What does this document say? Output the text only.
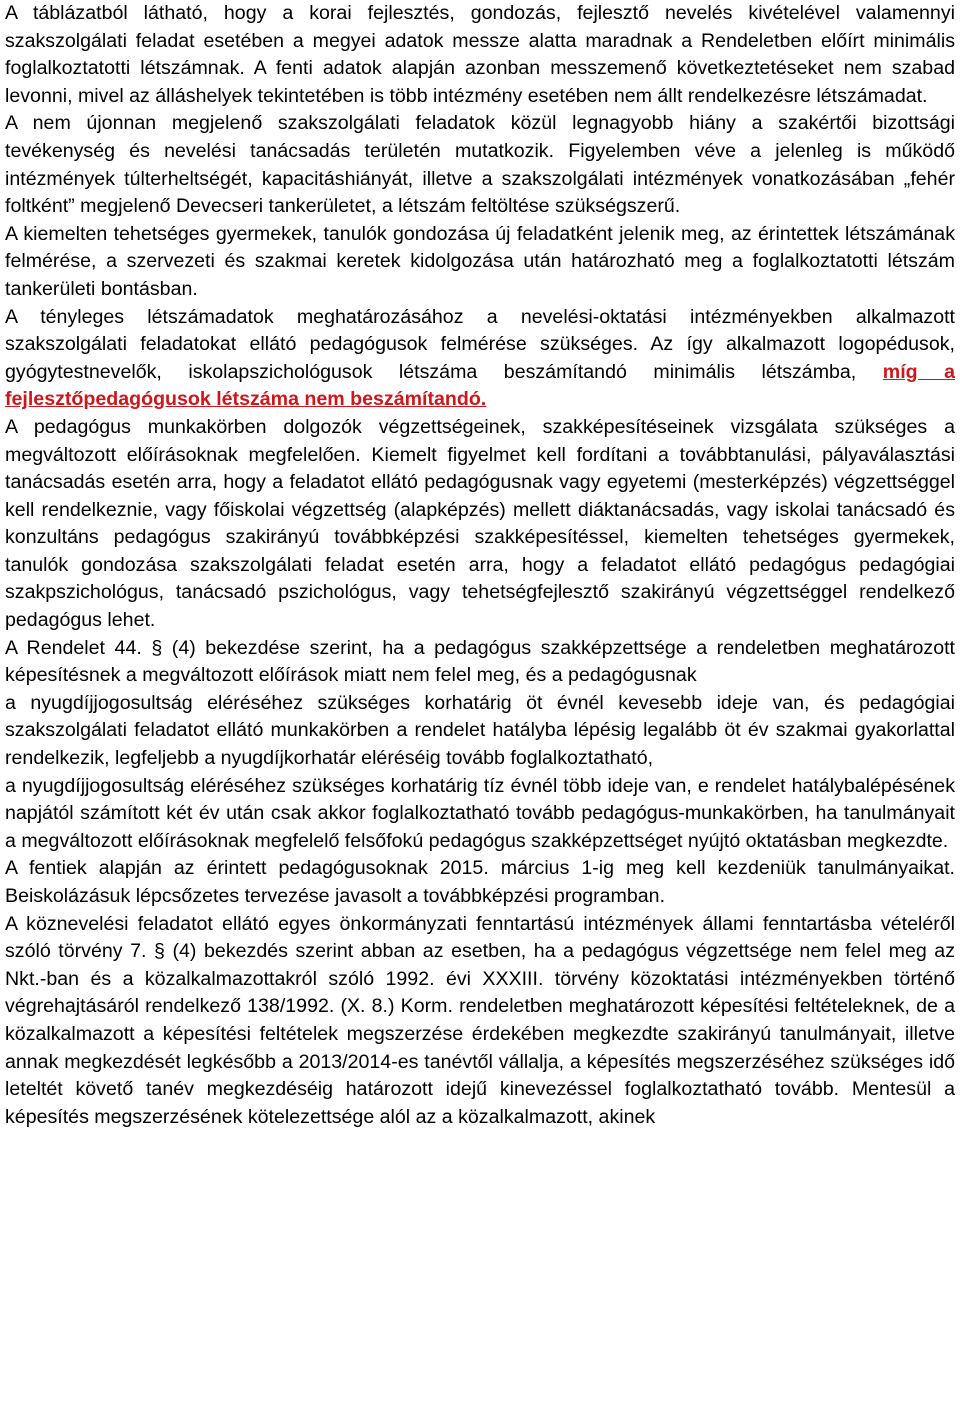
A táblázatból látható, hogy a korai fejlesztés, gondozás, fejlesztő nevelés kivételével valamennyi szakszolgálati feladat esetében a megyei adatok messze alatta maradnak a Rendeletben előírt minimális foglalkoztatotti létszámnak. A fenti adatok alapján azonban messzemenő következtetéseket nem szabad levonni, mivel az álláshelyek tekintetében is több intézmény esetében nem állt rendelkezésre létszámadat.

A nem újonnan megjelenő szakszolgálati feladatok közül legnagyobb hiány a szakértői bizottsági tevékenység és nevelési tanácsadás területén mutatkozik. Figyelemben véve a jelenleg is működő intézmények túlterheltségét, kapacitáshiányát, illetve a szakszolgálati intézmények vonatkozásában „fehér foltként” megjelenő Devecseri tankerületet, a létszám feltöltése szükségszerű.

A kiemelten tehetséges gyermekek, tanulók gondozása új feladatként jelenik meg, az érintettek létszámának felmérése, a szervezeti és szakmai keretek kidolgozása után határozható meg a foglalkoztatotti létszám tankerületi bontásban.

A tényleges létszámadatok meghatározásához a nevelési-oktatási intézményekben alkalmazott szakszolgálati feladatokat ellátó pedagógusok felmérése szükséges. Az így alkalmazott logopédusok, gyógytestnevelők, iskolapszichológusok létszáma beszámítandó minimális létszámba, míg a fejlesztőpedagógusok létszáma nem beszámítandó.

A pedagógus munkakörben dolgozók végzettségeinek, szakképesítéseinek vizsgálata szükséges a megváltozott előírásoknak megfelelően. Kiemelt figyelmet kell fordítani a továbbtanulási, pályaválasztási tanácsadás esetén arra, hogy a feladatot ellátó pedagógusnak vagy egyetemi (mesterképzés) végzettséggel kell rendelkeznie, vagy főiskolai végzettség (alapképzés) mellett diáktanácsadás, vagy iskolai tanácsadó és konzultáns pedagógus szakirányú továbbképzési szakképesítéssel, kiemelten tehetséges gyermekek, tanulók gondozása szakszolgálati feladat esetén arra, hogy a feladatot ellátó pedagógus pedagógiai szakpszichológus, tanácsadó pszichológus, vagy tehetségfejlesztő szakirányú végzettséggel rendelkező pedagógus lehet.

A Rendelet 44. § (4) bekezdése szerint, ha a pedagógus szakképzettsége a rendeletben meghatározott képesítésnek a megváltozott előírások miatt nem felel meg, és a pedagógusnak

a nyugdíjjogosultság eléréséhez szükséges korhatárig öt évnél kevesebb ideje van, és pedagógiai szakszolgálati feladatot ellátó munkakörben a rendelet hatályba lépésig legalább öt év szakmai gyakorlattal rendelkezik, legfeljebb a nyugdíjkorhatár eléréséig tovább foglalkoztatható,

a nyugdíjjogosultság eléréséhez szükséges korhatárig tíz évnél több ideje van, e rendelet hatálybalépésének napjától számított két év után csak akkor foglalkoztatható tovább pedagógus-munkakörben, ha tanulmányait a megváltozott előírásoknak megfelelő felsőfokú pedagógus szakképzettséget nyújtó oktatásban megkezdte.

A fentiek alapján az érintett pedagógusoknak 2015. március 1-ig meg kell kezdeniük tanulmányaikat. Beiskolázásuk lépcsőzetes tervezése javasolt a továbbképzési programban.

A köznevelési feladatot ellátó egyes önkormányzati fenntartású intézmények állami fenntartásba vételéről szóló törvény 7. § (4) bekezdés szerint abban az esetben, ha a pedagógus végzettsége nem felel meg az Nkt.-ban és a közalkalmazottakról szóló 1992. évi XXXIII. törvény közoktatási intézményekben történő végrehajtásáról rendelkező 138/1992. (X. 8.) Korm. rendeletben meghatározott képesítési feltételeknek, de a közalkalmazott a képesítési feltételek megszerzése érdekében megkezdte szakirányú tanulmányait, illetve annak megkezdését legkésőbb a 2013/2014-es tanévtől vállalja, a képesítés megszerzéséhez szükséges idő leteltét követő tanév megkezdéséig határozott idejű kinevezéssel foglalkoztatható tovább. Mentesül a képesítés megszerzésének kötelezettsége alól az a közalkalmazott, akinek
